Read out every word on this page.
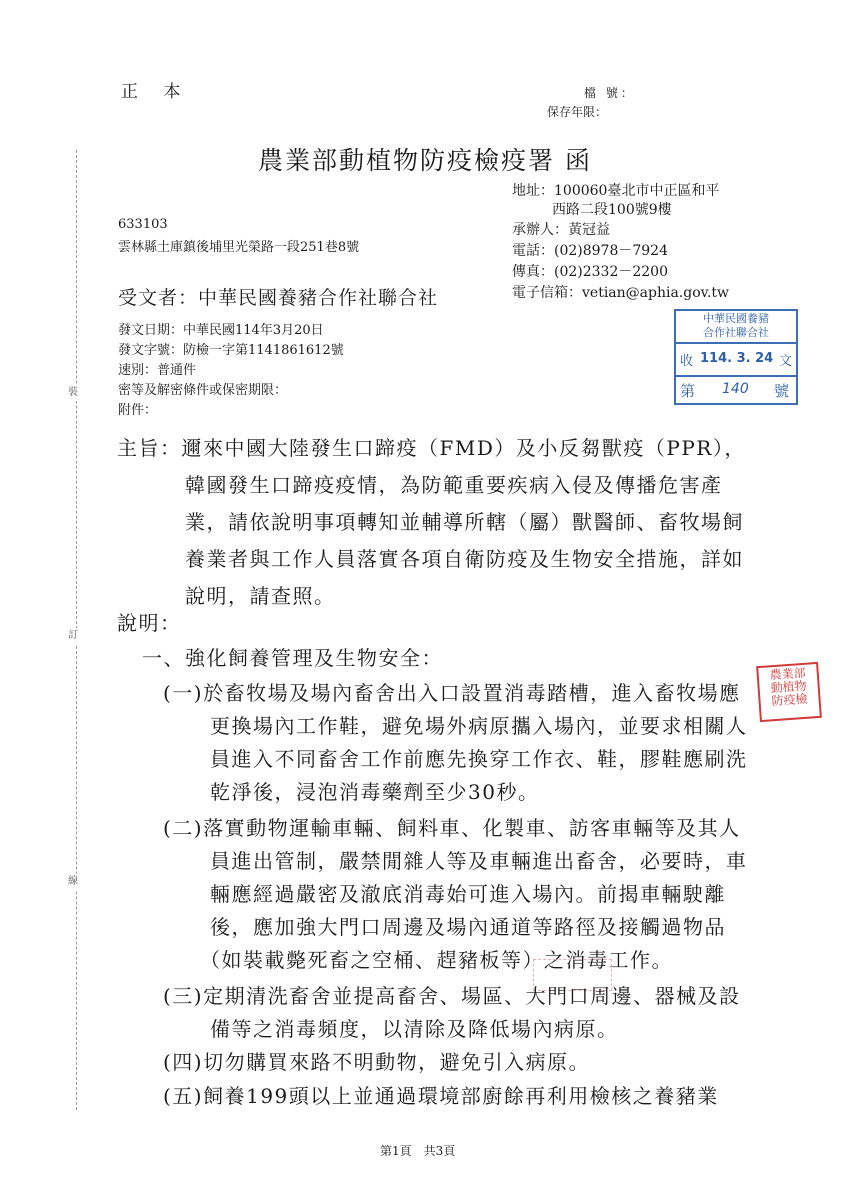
裝
訂
線
正 本	檔 號：
保存年限：
農業部動植物防疫檢疫署 函
地址：100060臺北市中正區和平
西路二段100號9樓
承辦人：黃冠益
電話：(02)8978－7924
傳真：(02)2332－2200
電子信箱：vetian@aphia.gov.tw
633103
雲林縣土庫鎮後埔里光榮路一段251巷8號
受文者：中華民國養豬合作社聯合社
發文日期：中華民國114年3月20日
發文字號：防檢一字第1141861612號
速別：普通件
密等及解密條件或保密期限：
附件：
中華民國養豬
合作社聯合社
收 114. 3. 24 文
第 140 號
農業部
動植物
防疫檢
主旨：邇來中國大陸發生口蹄疫（FMD）及小反芻獸疫（PPR），
韓國發生口蹄疫疫情，為防範重要疾病入侵及傳播危害產
業，請依說明事項轉知並輔導所轄（屬）獸醫師、畜牧場飼
養業者與工作人員落實各項自衛防疫及生物安全措施，詳如
說明，請查照。
說明：
一、強化飼養管理及生物安全：
(一)於畜牧場及場內畜舍出入口設置消毒踏槽，進入畜牧場應
更換場內工作鞋，避免場外病原攜入場內，並要求相關人
員進入不同畜舍工作前應先換穿工作衣、鞋，膠鞋應刷洗
乾淨後，浸泡消毒藥劑至少30秒。
(二)落實動物運輸車輛、飼料車、化製車、訪客車輛等及其人
員進出管制，嚴禁閒雜人等及車輛進出畜舍，必要時，車
輛應經過嚴密及澈底消毒始可進入場內。前揭車輛駛離
後，應加強大門口周邊及場內通道等路徑及接觸過物品
（如裝載斃死畜之空桶、趕豬板等）之消毒工作。
(三)定期清洗畜舍並提高畜舍、場區、大門口周邊、器械及設
備等之消毒頻度，以清除及降低場內病原。
(四)切勿購買來路不明動物，避免引入病原。
(五)飼養199頭以上並通過環境部廚餘再利用檢核之養豬業
第1頁　共3頁
